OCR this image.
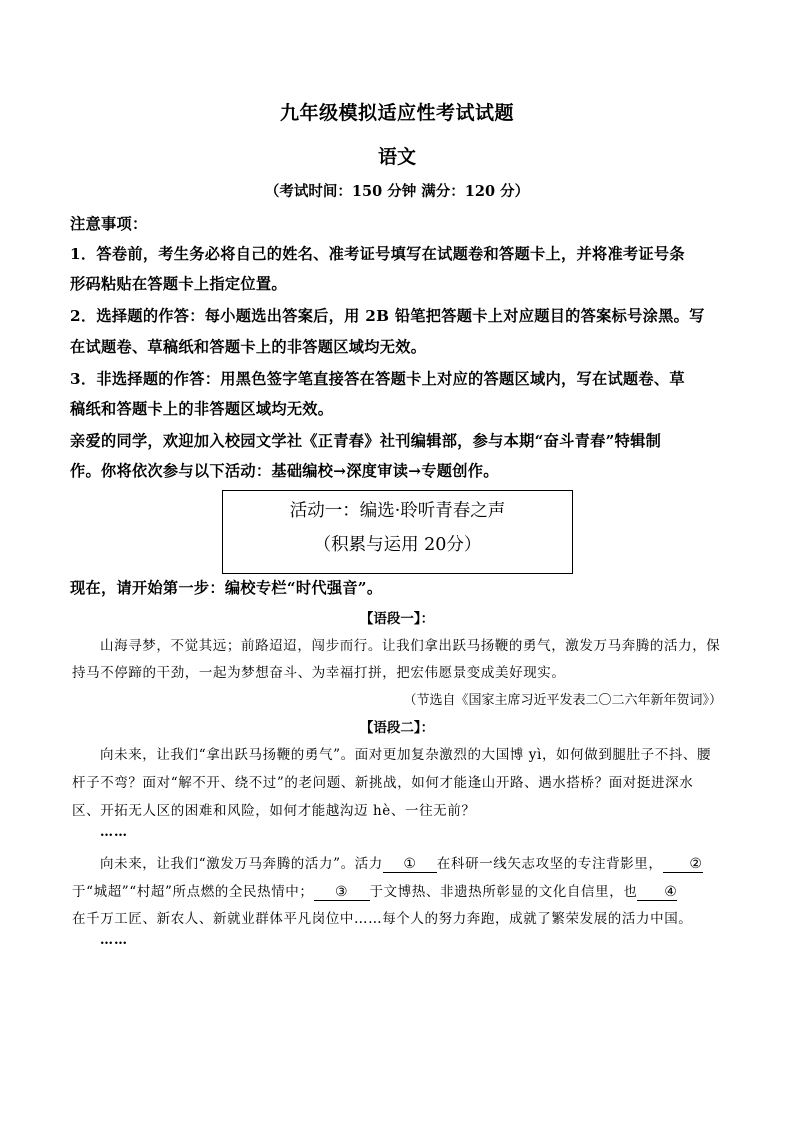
九年级模拟适应性考试试题
语文
（考试时间：150 分钟 满分：120 分）
注意事项：
1．答卷前，考生务必将自己的姓名、准考证号填写在试题卷和答题卡上，并将准考证号条
形码粘贴在答题卡上指定位置。
2．选择题的作答：每小题选出答案后，用 2B 铅笔把答题卡上对应题目的答案标号涂黑。写
在试题卷、草稿纸和答题卡上的非答题区域均无效。
3．非选择题的作答：用黑色签字笔直接答在答题卡上对应的答题区域内，写在试题卷、草
稿纸和答题卡上的非答题区域均无效。
亲爱的同学，欢迎加入校园文学社《正青春》社刊编辑部，参与本期“奋斗青春”特辑制
作。你将依次参与以下活动：基础编校→深度审读→专题创作。
活动一：编选·聆听青春之声
（积累与运用 20分）
现在，请开始第一步：编校专栏“时代强音”。
【语段一】：
山海寻梦，不觉其远；前路迢迢，闯步而行。让我们拿出跃马扬鞭的勇气，激发万马奔腾的活力，保
持马不停蹄的干劲，一起为梦想奋斗、为幸福打拼，把宏伟愿景变成美好现实。
（节选自《国家主席习近平发表二〇二六年新年贺词》）
【语段二】：
向未来，让我们“拿出跃马扬鞭的勇气”。面对更加复杂激烈的大国博 yì，如何做到腿肚子不抖、腰
杆子不弯？面对“解不开、绕不过”的老问题、新挑战，如何才能逢山开路、遇水搭桥？面对挺进深水
区、开拓无人区的困难和风险，如何才能越沟迈 hè、一往无前？
……
向未来，让我们“激发万马奔腾的活力”。活力 ① 在科研一线矢志攻坚的专注背影里， ②
于“城超”“村超”所点燃的全民热情中； ③ 于文博热、非遗热所彰显的文化自信里，也 ④
在千万工匠、新农人、新就业群体平凡岗位中……每个人的努力奔跑，成就了繁荣发展的活力中国。
……
